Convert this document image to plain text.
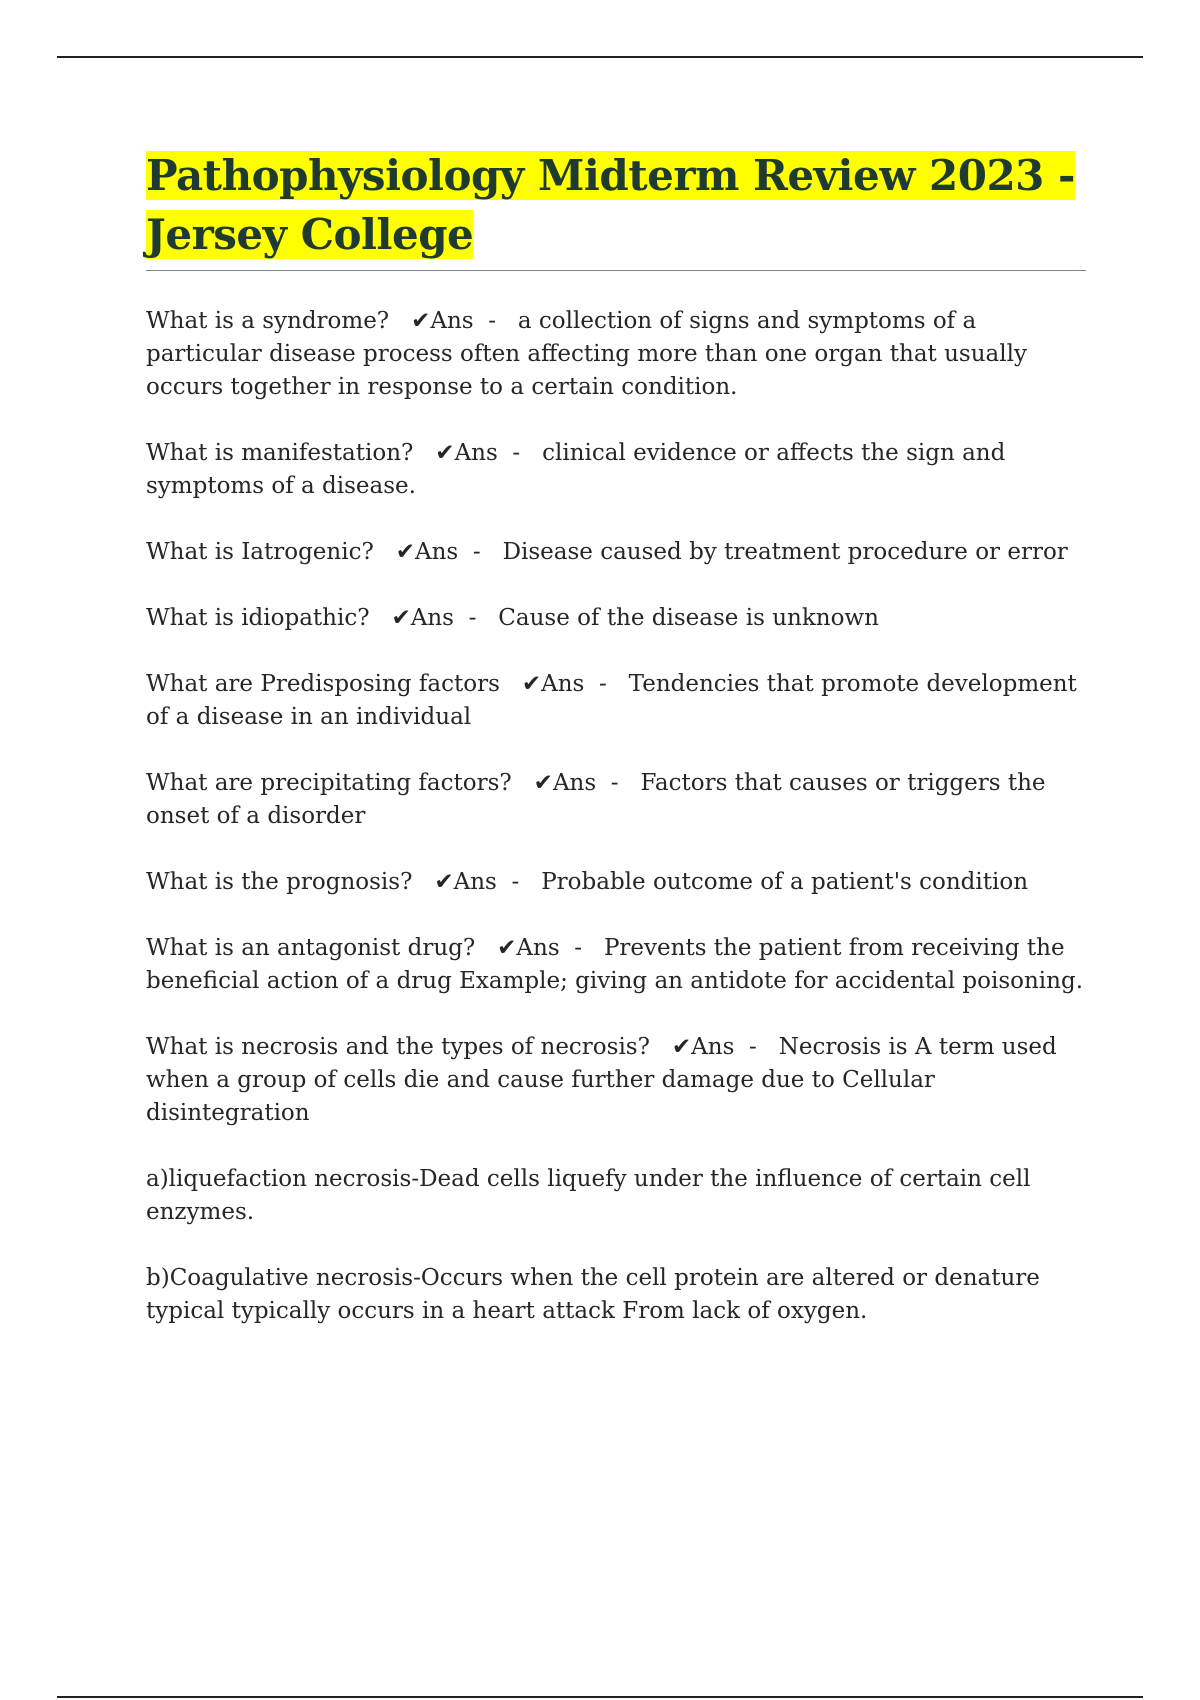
Pathophysiology Midterm Review 2023 - Jersey College

What is a syndrome? ✔Ans  -   a collection of signs and symptoms of a particular disease process often affecting more than one organ that usually occurs together in response to a certain condition.

What is manifestation? ✔Ans  -   clinical evidence or affects the sign and symptoms of a disease.

What is Iatrogenic? ✔Ans  -   Disease caused by treatment procedure or error

What is idiopathic? ✔Ans  -   Cause of the disease is unknown

What are Predisposing factors ✔Ans  -   Tendencies that promote development of a disease in an individual

What are precipitating factors? ✔Ans  -   Factors that causes or triggers the onset of a disorder

What is the prognosis? ✔Ans  -   Probable outcome of a patient's condition

What is an antagonist drug? ✔Ans  -   Prevents the patient from receiving the beneficial action of a drug Example; giving an antidote for accidental poisoning.

What is necrosis and the types of necrosis? ✔Ans  -   Necrosis is A term used when a group of cells die and cause further damage due to Cellular disintegration

a)liquefaction necrosis-Dead cells liquefy under the influence of certain cell enzymes.

b)Coagulative necrosis-Occurs when the cell protein are altered or denature typical typically occurs in a heart attack From lack of oxygen.
